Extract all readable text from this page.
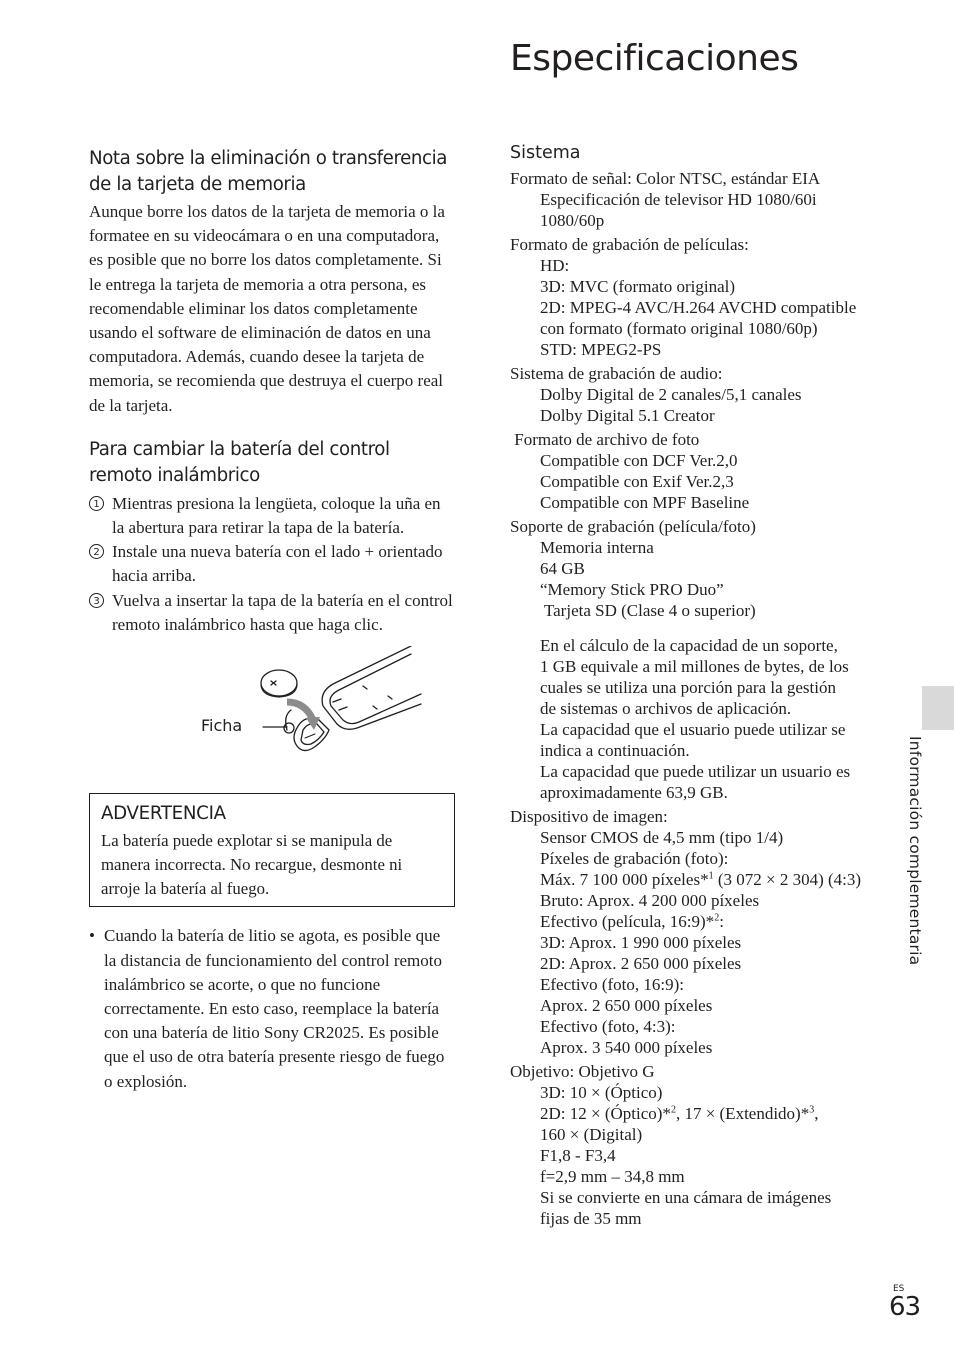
Especificaciones
Nota sobre la eliminación o transferencia de la tarjeta de memoria

Aunque borre los datos de la tarjeta de memoria o la formatee en su videocámara o en una computadora, es posible que no borre los datos completamente. Si le entrega la tarjeta de memoria a otra persona, es recomendable eliminar los datos completamente usando el software de eliminación de datos en una computadora. Además, cuando desee la tarjeta de memoria, se recomienda que destruya el cuerpo real de la tarjeta.

Para cambiar la batería del control remoto inalámbrico
1 Mientras presiona la lengüeta, coloque la uña en la abertura para retirar la tapa de la batería.
2 Instale una nueva batería con el lado + orientado hacia arriba.
3 Vuelva a insertar la tapa de la batería en el control remoto inalámbrico hasta que haga clic.
Ficha
ADVERTENCIA

La batería puede explotar si se manipula de manera incorrecta. No recargue, desmonte ni arroje la batería al fuego.

• Cuando la batería de litio se agota, es posible que la distancia de funcionamiento del control remoto inalámbrico se acorte, o que no funcione correctamente. En esto caso, reemplace la batería con una batería de litio Sony CR2025. Es posible que el uso de otra batería presente riesgo de fuego o explosión.
Sistema
Formato de señal: Color NTSC, estándar EIA
Especificación de televisor HD 1080/60i
1080/60p
Formato de grabación de películas:
HD:
3D: MVC (formato original)
2D: MPEG-4 AVC/H.264 AVCHD compatible
con formato (formato original 1080/60p)
STD: MPEG2-PS
Sistema de grabación de audio:
Dolby Digital de 2 canales/5,1 canales
Dolby Digital 5.1 Creator
Formato de archivo de foto
Compatible con DCF Ver.2,0
Compatible con Exif Ver.2,3
Compatible con MPF Baseline
Soporte de grabación (película/foto)
Memoria interna
64 GB
“Memory Stick PRO Duo”
Tarjeta SD (Clase 4 o superior)
En el cálculo de la capacidad de un soporte,
1 GB equivale a mil millones de bytes, de los
cuales se utiliza una porción para la gestión
de sistemas o archivos de aplicación.
La capacidad que el usuario puede utilizar se
indica a continuación.
La capacidad que puede utilizar un usuario es
aproximadamente 63,9 GB.
Dispositivo de imagen:
Sensor CMOS de 4,5 mm (tipo 1/4)
Píxeles de grabación (foto):
Máx. 7 100 000 píxeles*$^1$ (3 072 × 2 304) (4:3)
Bruto: Aprox. 4 200 000 píxeles
Efectivo (película, 16:9)*$^2$:
3D: Aprox. 1 990 000 píxeles
2D: Aprox. 2 650 000 píxeles
Efectivo (foto, 16:9):
Aprox. 2 650 000 píxeles
Efectivo (foto, 4:3):
Aprox. 3 540 000 píxeles
Objetivo: Objetivo G
3D: 10 × (Óptico)
2D: 12 × (Óptico)*$^2$, 17 × (Extendido)*$^3$,
160 × (Digital)
F1,8 - F3,4
f=2,9 mm – 34,8 mm
Si se convierte en una cámara de imágenes
fijas de 35 mm
Información complementaria
ES
63
